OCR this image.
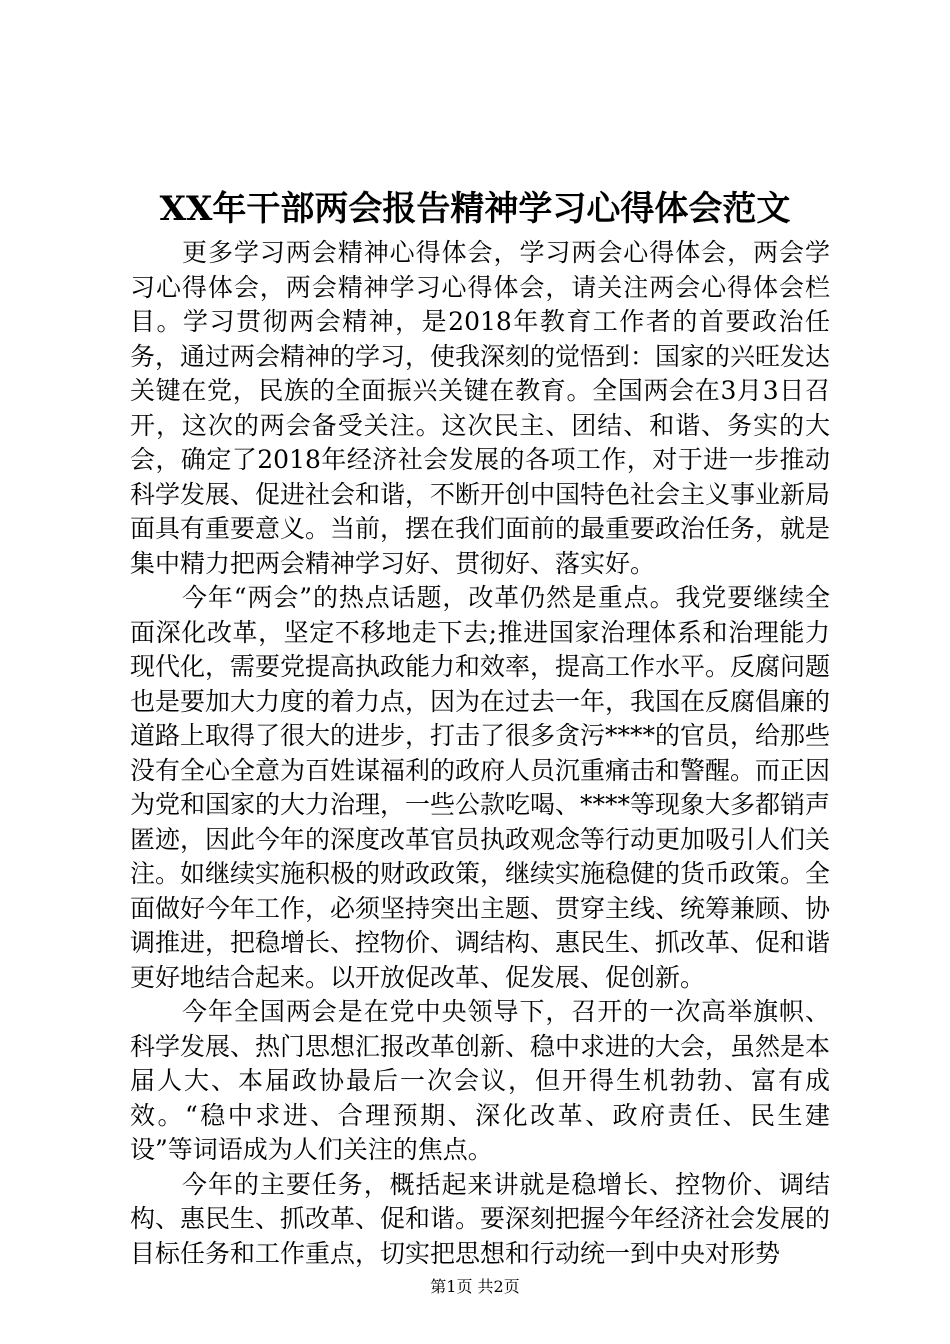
XX年干部两会报告精神学习心得体会范文

更多学习两会精神心得体会，学习两会心得体会，两会学习心得体会，两会精神学习心得体会，请关注两会心得体会栏目。学习贯彻两会精神，是2018年教育工作者的首要政治任务，通过两会精神的学习，使我深刻的觉悟到：国家的兴旺发达关键在党，民族的全面振兴关键在教育。全国两会在3月3日召开，这次的两会备受关注。这次民主、团结、和谐、务实的大会，确定了2018年经济社会发展的各项工作，对于进一步推动科学发展、促进社会和谐，不断开创中国特色社会主义事业新局面具有重要意义。当前，摆在我们面前的最重要政治任务，就是集中精力把两会精神学习好、贯彻好、落实好。

今年“两会”的热点话题，改革仍然是重点。我党要继续全面深化改革，坚定不移地走下去;推进国家治理体系和治理能力现代化，需要党提高执政能力和效率，提高工作水平。反腐问题也是要加大力度的着力点，因为在过去一年，我国在反腐倡廉的道路上取得了很大的进步，打击了很多贪污****的官员，给那些没有全心全意为百姓谋福利的政府人员沉重痛击和警醒。而正因为党和国家的大力治理，一些公款吃喝、****等现象大多都销声匿迹，因此今年的深度改革官员执政观念等行动更加吸引人们关注。如继续实施积极的财政政策，继续实施稳健的货币政策。全面做好今年工作，必须坚持突出主题、贯穿主线、统筹兼顾、协调推进，把稳增长、控物价、调结构、惠民生、抓改革、促和谐更好地结合起来。以开放促改革、促发展、促创新。

今年全国两会是在党中央领导下，召开的一次高举旗帜、科学发展、热门思想汇报改革创新、稳中求进的大会，虽然是本届人大、本届政协最后一次会议，但开得生机勃勃、富有成效。“稳中求进、合理预期、深化改革、政府责任、民生建设”等词语成为人们关注的焦点。

今年的主要任务，概括起来讲就是稳增长、控物价、调结构、惠民生、抓改革、促和谐。要深刻把握今年经济社会发展的目标任务和工作重点，切实把思想和行动统一到中央对形势

第1页 共2页
